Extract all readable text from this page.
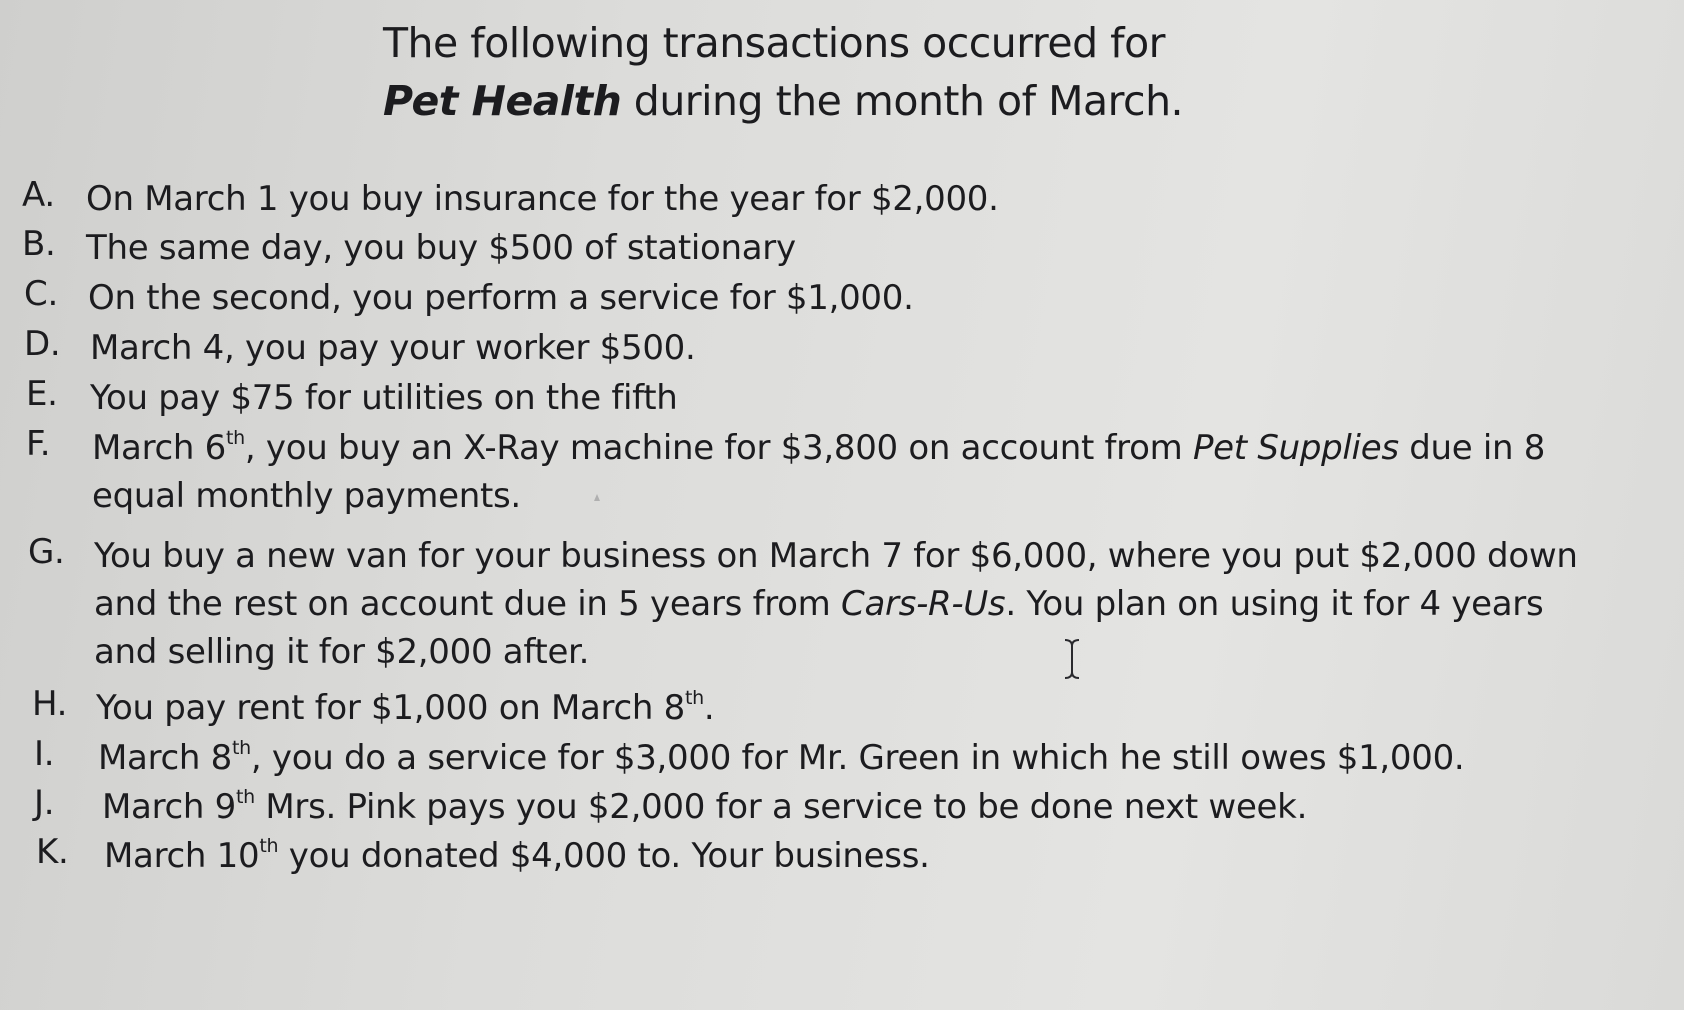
The following transactions occurred for
Pet Health during the month of March.
A. On March 1 you buy insurance for the year for $2,000.
B. The same day, you buy $500 of stationary
C. On the second, you perform a service for $1,000.
D. March 4, you pay your worker $500.
E. You pay $75 for utilities on the fifth
F. March 6th, you buy an X-Ray machine for $3,800 on account from Pet Supplies due in 8
equal monthly payments.
G. You buy a new van for your business on March 7 for $6,000, where you put $2,000 down
and the rest on account due in 5 years from Cars-R-Us. You plan on using it for 4 years
and selling it for $2,000 after.
H. You pay rent for $1,000 on March 8th.
I. March 8th, you do a service for $3,000 for Mr. Green in which he still owes $1,000.
J. March 9th Mrs. Pink pays you $2,000 for a service to be done next week.
K. March 10th you donated $4,000 to. Your business.
